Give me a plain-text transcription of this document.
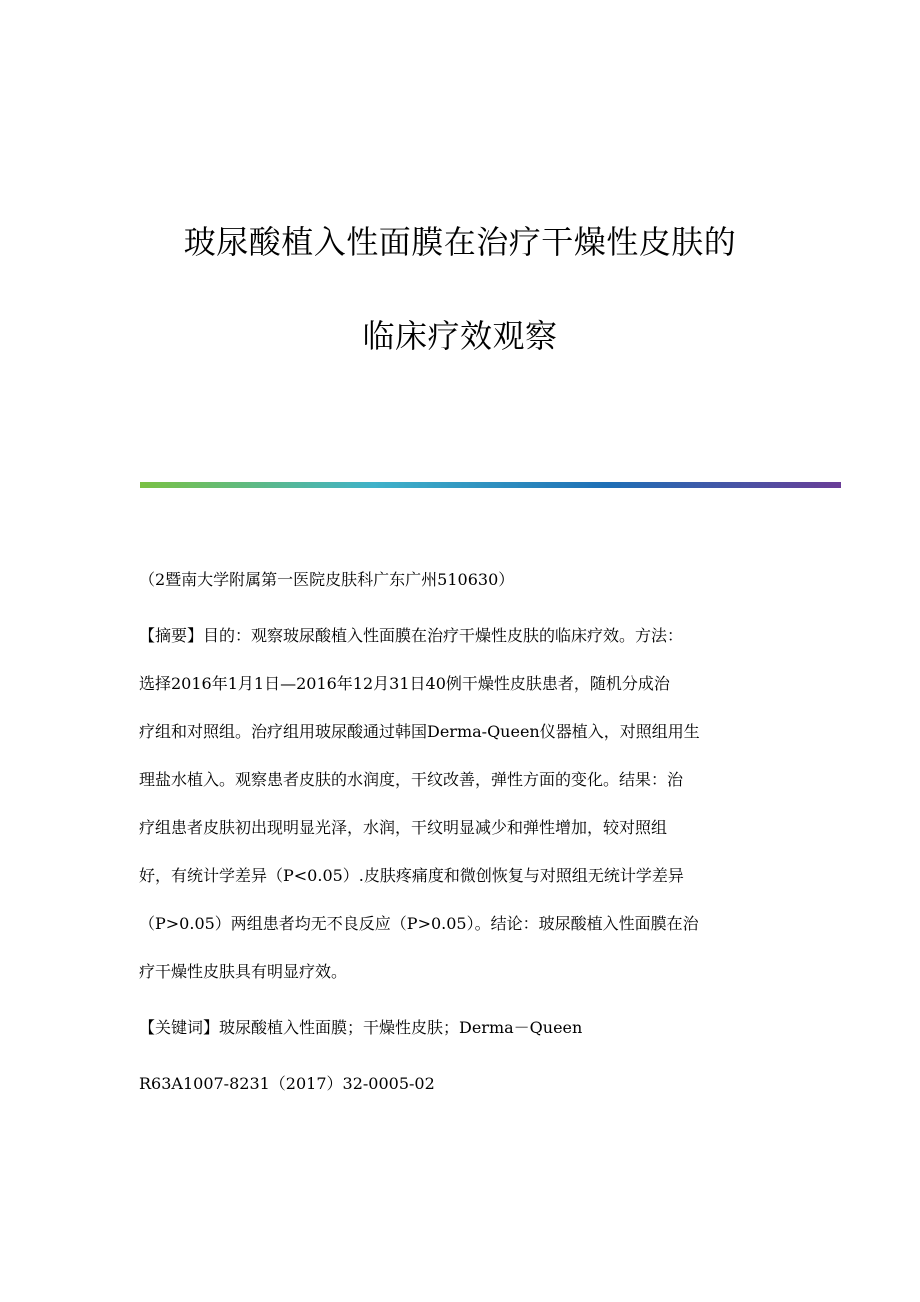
玻尿酸植入性面膜在治疗干燥性皮肤的
临床疗效观察

（2暨南大学附属第一医院皮肤科广东广州510630）

【摘要】目的：观察玻尿酸植入性面膜在治疗干燥性皮肤的临床疗效。方法：
选择2016年1月1日—2016年12月31日40例干燥性皮肤患者，随机分成治
疗组和对照组。治疗组用玻尿酸通过韩国Derma-Queen仪器植入，对照组用生
理盐水植入。观察患者皮肤的水润度，干纹改善，弹性方面的变化。结果：治
疗组患者皮肤初出现明显光泽，水润，干纹明显减少和弹性增加，较对照组
好，有统计学差异（P<0.05）.皮肤疼痛度和微创恢复与对照组无统计学差异
（P>0.05）两组患者均无不良反应（P>0.05）。结论：玻尿酸植入性面膜在治
疗干燥性皮肤具有明显疗效。

【关键词】玻尿酸植入性面膜；干燥性皮肤；Derma－Queen

R63A1007-8231（2017）32-0005-02
